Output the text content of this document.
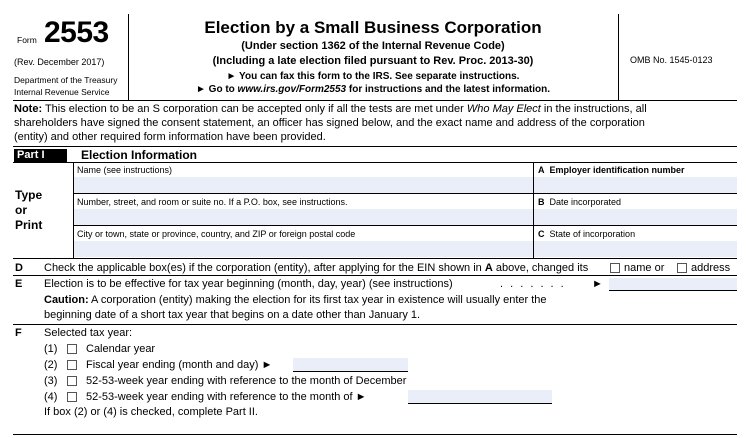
Form 2553
(Rev. December 2017)
Department of the Treasury
Internal Revenue Service
Election by a Small Business Corporation
(Under section 1362 of the Internal Revenue Code)
(Including a late election filed pursuant to Rev. Proc. 2013-30)
► You can fax this form to the IRS. See separate instructions.
► Go to www.irs.gov/Form2553 for instructions and the latest information.
OMB No. 1545-0123
Note: This election to be an S corporation can be accepted only if all the tests are met under Who May Elect in the instructions, all
shareholders have signed the consent statement, an officer has signed below, and the exact name and address of the corporation
(entity) and other required form information have been provided.
Part I	Election Information
Type
or
Print
Name (see instructions)	A Employer identification number
Number, street, and room or suite no. If a P.O. box, see instructions.	B Date incorporated
City or town, state or province, country, and ZIP or foreign postal code	C State of incorporation
D Check the applicable box(es) if the corporation (entity), after applying for the EIN shown in A above, changed its	name or address
E Election is to be effective for tax year beginning (month, day, year) (see instructions)	. . . . . . . ►
Caution: A corporation (entity) making the election for its first tax year in existence will usually enter the
beginning date of a short tax year that begins on a date other than January 1.
F Selected tax year:
(1)	Calendar year
(2)	Fiscal year ending (month and day) ►
(3)	52-53-week year ending with reference to the month of December
(4)	52-53-week year ending with reference to the month of ►
If box (2) or (4) is checked, complete Part II.
